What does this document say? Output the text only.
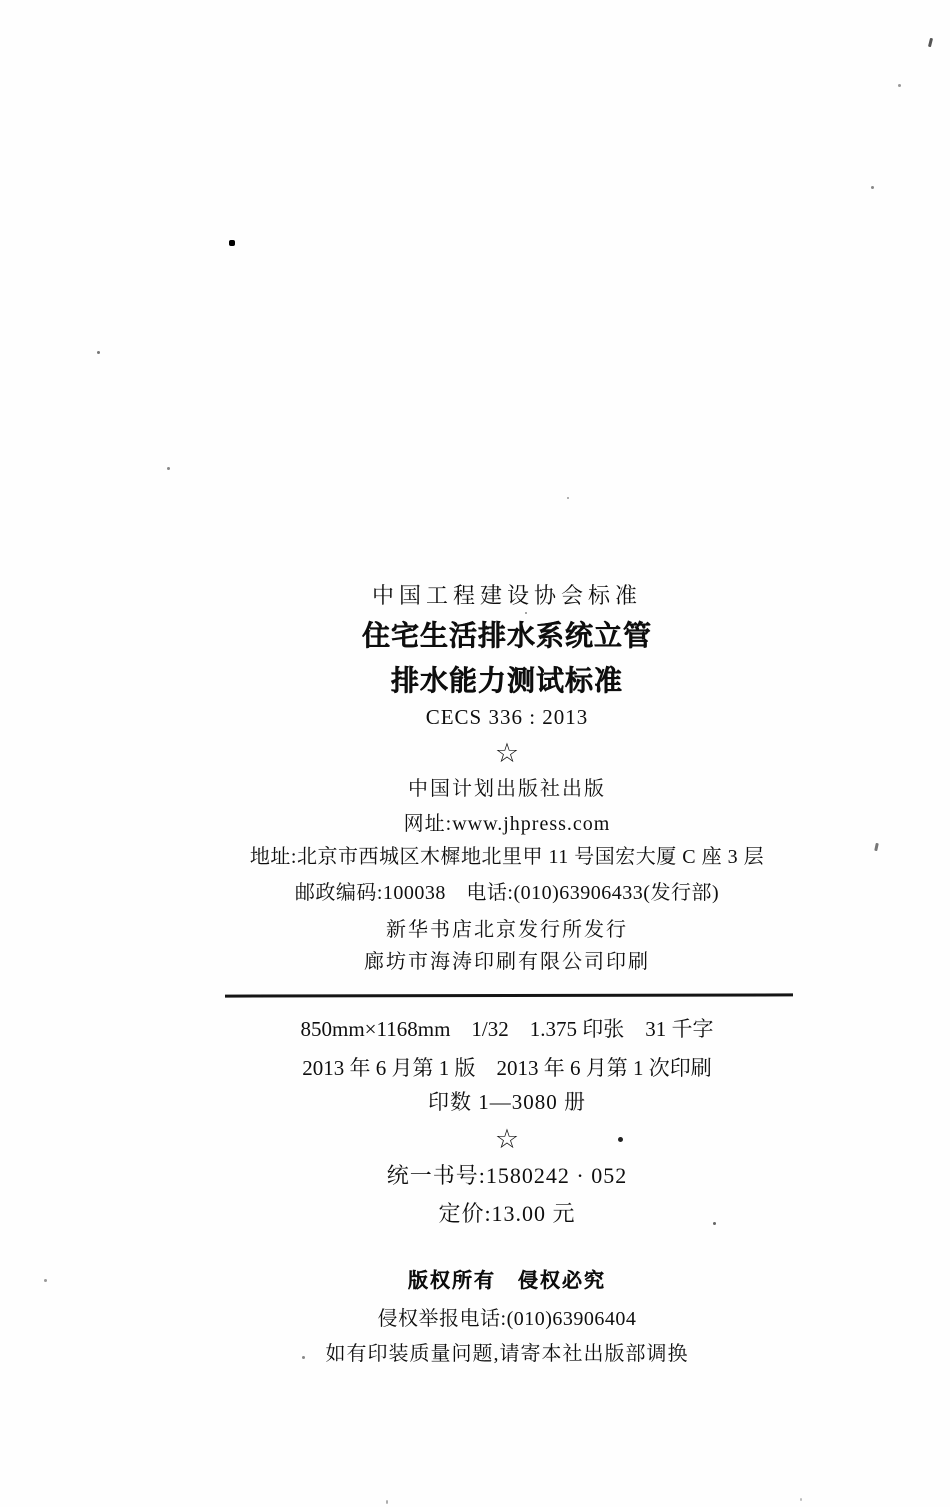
中国工程建设协会标准
住宅生活排水系统立管
排水能力测试标准
CECS 336 : 2013
☆
中国计划出版社出版
网址:www.jhpress.com
地址:北京市西城区木樨地北里甲 11 号国宏大厦 C 座 3 层
邮政编码:100038　电话:(010)63906433(发行部)
新华书店北京发行所发行
廊坊市海涛印刷有限公司印刷
850mm×1168mm　1/32　1.375 印张　31 千字
2013 年 6 月第 1 版　2013 年 6 月第 1 次印刷
印数 1—3080 册
☆
统一书号:1580242 · 052
定价:13.00 元
版权所有　侵权必究
侵权举报电话:(010)63906404
如有印装质量问题,请寄本社出版部调换
